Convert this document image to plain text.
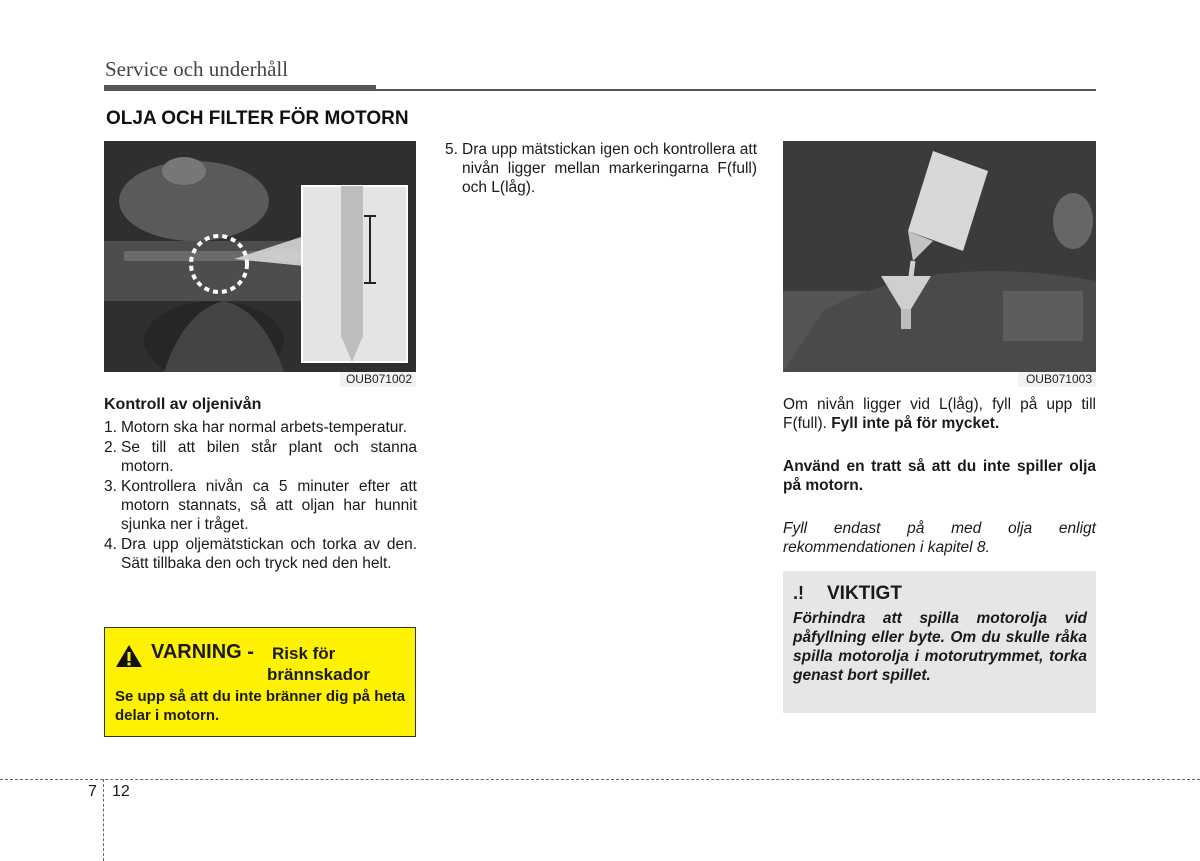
Service och underhåll
OLJA OCH FILTER FÖR MOTORN
OUB071002
Kontroll av oljenivån
1. Motorn ska har normal arbets-temperatur.
2. Se till att bilen står plant och stanna motorn.
3. Kontrollera nivån ca 5 minuter efter att motorn stannats, så att oljan har hunnit sjunka ner i tråget.
4. Dra upp oljemätstickan och torka av den. Sätt tillbaka den och tryck ned den helt.
VARNING - Risk för
brännskador
Se upp så att du inte bränner dig på heta delar i motorn.
5. Dra upp mätstickan igen och kontrollera att nivån ligger mellan markeringarna F(full) och L(låg).
OUB071003
Om nivån ligger vid L(låg), fyll på upp till F(full). Fyll inte på för mycket.
Använd en tratt så att du inte spiller olja på motorn.
Fyll endast på med olja enligt rekommendationen i kapitel 8.
.! VIKTIGT
Förhindra att spilla motorolja vid påfyllning eller byte. Om du skulle råka spilla motorolja i motorutrymmet, torka genast bort spillet.
7 12
